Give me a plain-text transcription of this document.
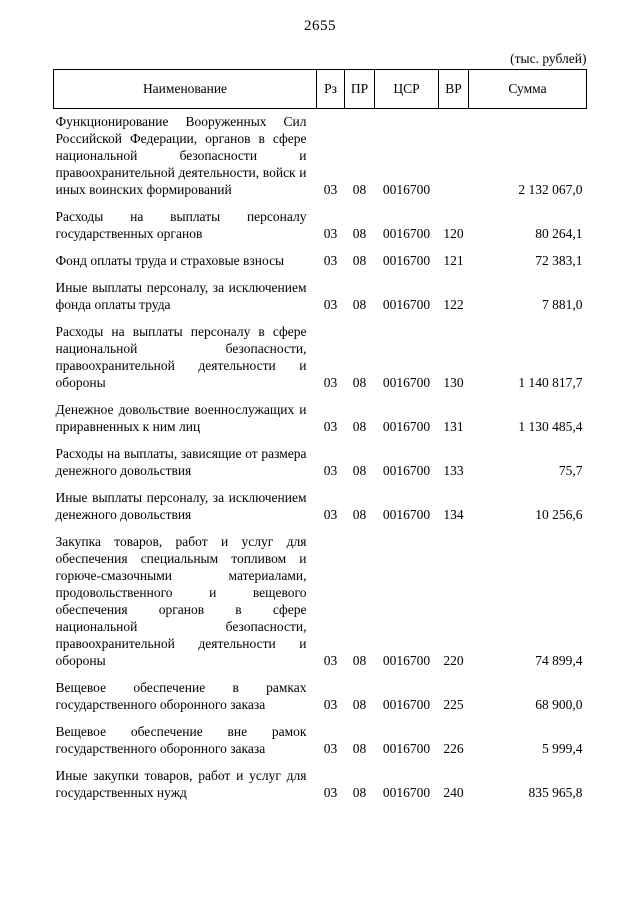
2655
(тыс. рублей)
Наименование	Рз	ПР	ЦСР	ВР	Сумма
Функционирование Вооруженных Сил Российской Федерации, органов в сфере национальной безопасности и правоохранительной деятельности, войск и иных воинских формирований	03	08	0016700		2 132 067,0
Расходы на выплаты персоналу государственных органов	03	08	0016700	120	80 264,1
Фонд оплаты труда и страховые взносы	03	08	0016700	121	72 383,1
Иные выплаты персоналу, за исключением фонда оплаты труда	03	08	0016700	122	7 881,0
Расходы на выплаты персоналу в сфере национальной безопасности, правоохранительной деятельности и обороны	03	08	0016700	130	1 140 817,7
Денежное довольствие военнослужащих и приравненных к ним лиц	03	08	0016700	131	1 130 485,4
Расходы на выплаты, зависящие от размера денежного довольствия	03	08	0016700	133	75,7
Иные выплаты персоналу, за исключением денежного довольствия	03	08	0016700	134	10 256,6
Закупка товаров, работ и услуг для обеспечения специальным топливом и горюче-смазочными материалами, продовольственного и вещевого обеспечения органов в сфере национальной безопасности, правоохранительной деятельности и обороны	03	08	0016700	220	74 899,4
Вещевое обеспечение в рамках государственного оборонного заказа	03	08	0016700	225	68 900,0
Вещевое обеспечение вне рамок государственного оборонного заказа	03	08	0016700	226	5 999,4
Иные закупки товаров, работ и услуг для государственных нужд	03	08	0016700	240	835 965,8
